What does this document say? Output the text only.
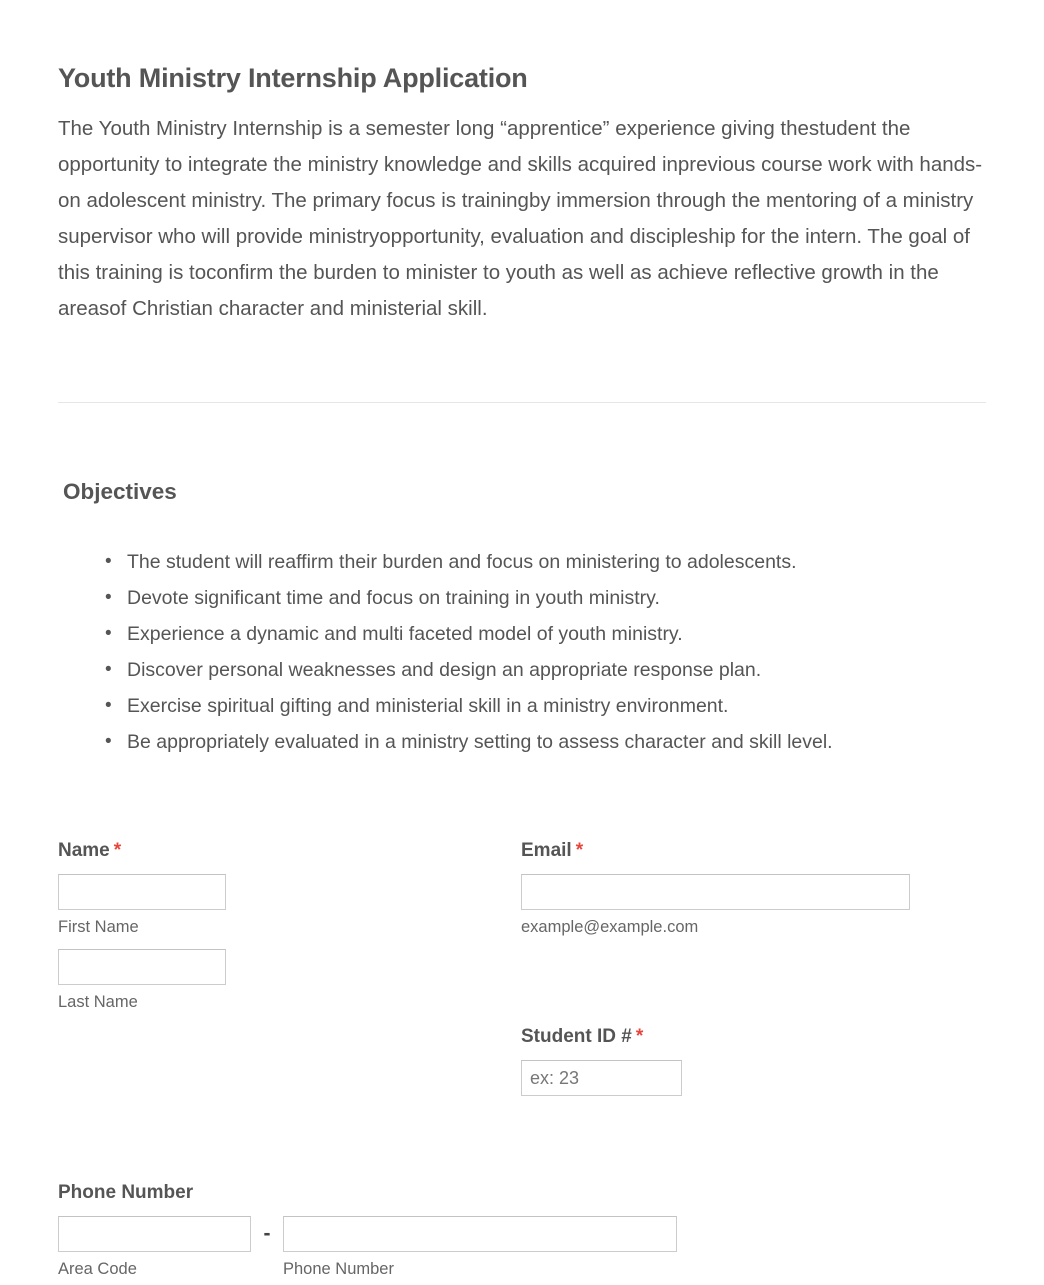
Youth Ministry Internship Application

The Youth Ministry Internship is a semester long “apprentice” experience giving thestudent the opportunity to integrate the ministry knowledge and skills acquired inprevious course work with hands-on adolescent ministry. The primary focus is trainingby immersion through the mentoring of a ministry supervisor who will provide ministryopportunity, evaluation and discipleship for the intern. The goal of this training is toconfirm the burden to minister to youth as well as achieve reflective growth in the areasof Christian character and ministerial skill.

Objectives
• The student will reaffirm their burden and focus on ministering to adolescents.
• Devote significant time and focus on training in youth ministry.
• Experience a dynamic and multi faceted model of youth ministry.
• Discover personal weaknesses and design an appropriate response plan.
• Exercise spiritual gifting and ministerial skill in a ministry environment.
• Be appropriately evaluated in a ministry setting to assess character and skill level.
Name *
First Name
Last Name
Email *
example@example.com
Student ID # *
ex: 23
Phone Number
Area Code
-
Phone Number
